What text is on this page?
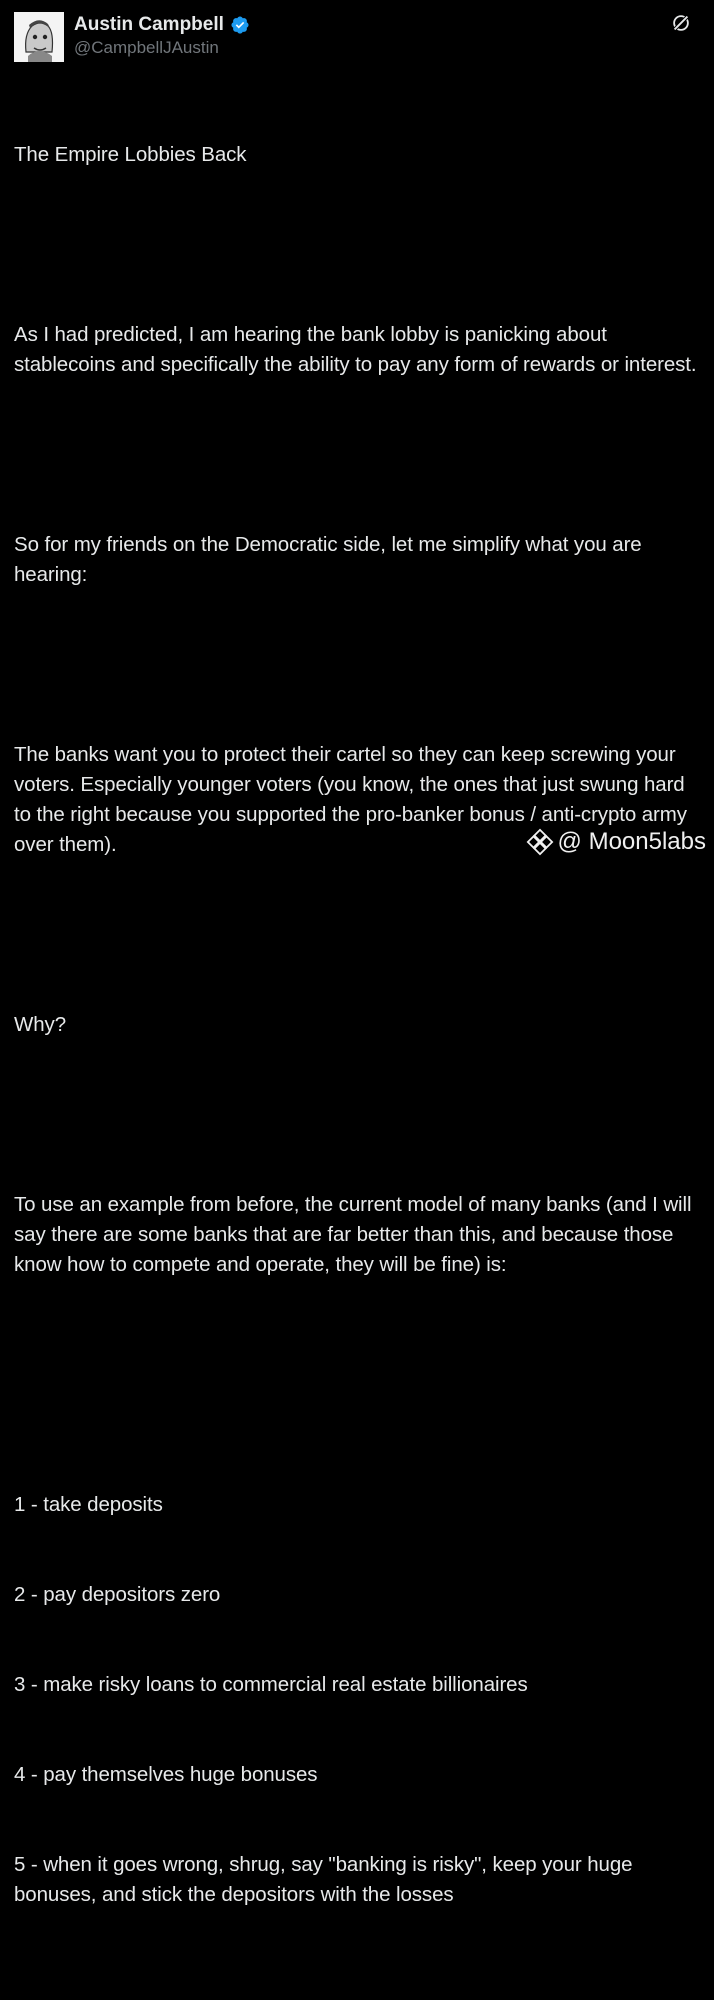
Austin Campbell
@CampbellJAustin

The Empire Lobbies Back

As I had predicted, I am hearing the bank lobby is panicking about stablecoins and specifically the ability to pay any form of rewards or interest.

So for my friends on the Democratic side, let me simplify what you are hearing:

The banks want you to protect their cartel so they can keep screwing your voters. Especially younger voters (you know, the ones that just swung hard to the right because you supported the pro-banker bonus / anti-crypto army over them).

Why?

To use an example from before, the current model of many banks (and I will say there are some banks that are far better than this, and because those know how to compete and operate, they will be fine) is:

1 - take deposits

2 - pay depositors zero

3 - make risky loans to commercial real estate billionaires

4 - pay themselves huge bonuses

5 - when it goes wrong, shrug, say "banking is risky", keep your huge bonuses, and stick the depositors with the losses

@ Moon5labs
